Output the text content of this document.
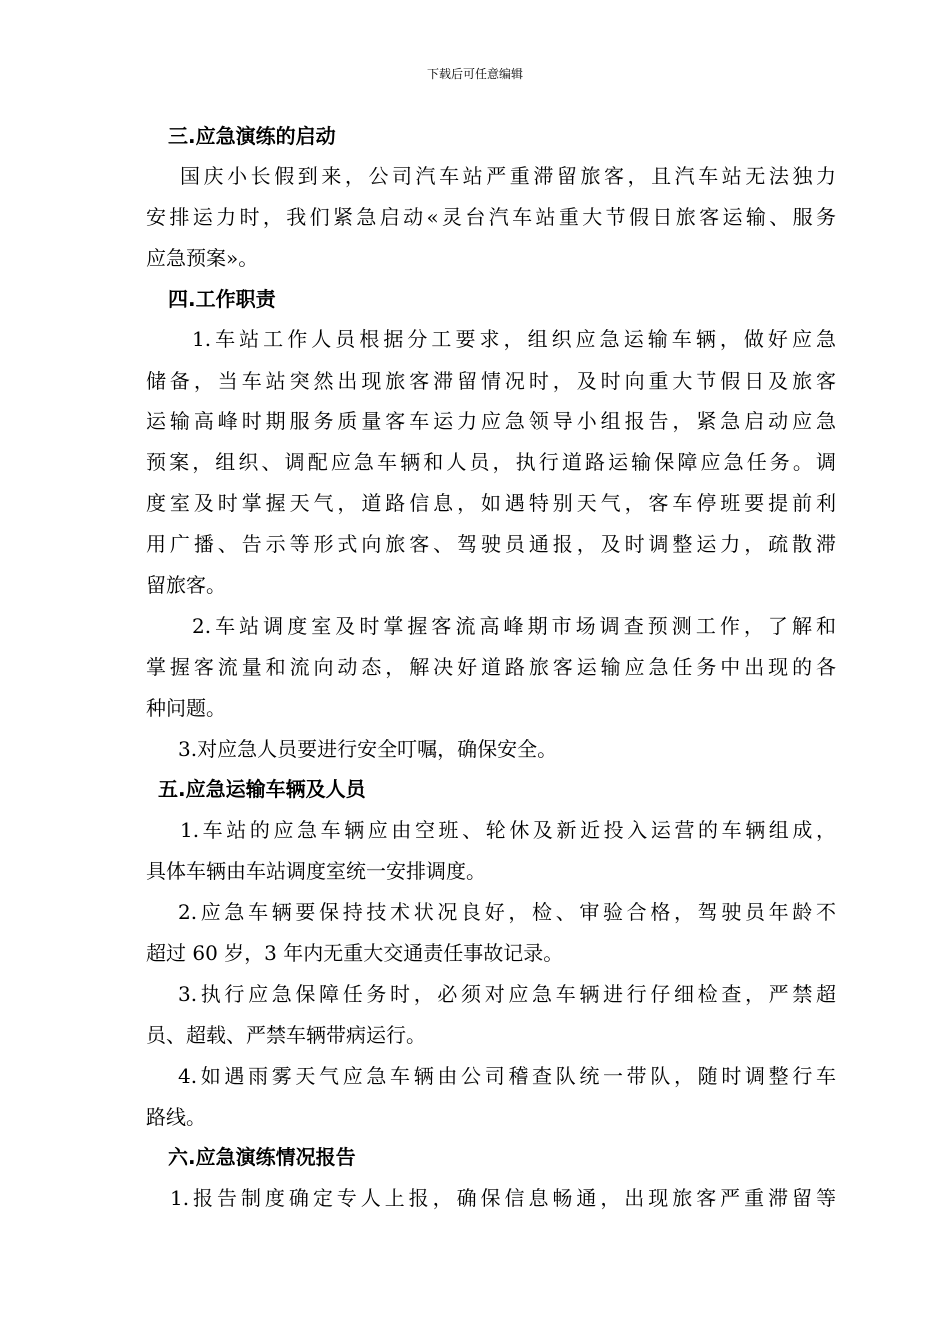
下载后可任意编辑
三.应急演练的启动
国庆小长假到来，公司汽车站严重滞留旅客，且汽车站无法独力
安排运力时，我们紧急启动«灵台汽车站重大节假日旅客运输、服务
应急预案»。
四.工作职责
1.车站工作人员根据分工要求，组织应急运输车辆，做好应急
储备，当车站突然出现旅客滞留情况时，及时向重大节假日及旅客
运输高峰时期服务质量客车运力应急领导小组报告，紧急启动应急
预案，组织、调配应急车辆和人员，执行道路运输保障应急任务。调
度室及时掌握天气，道路信息，如遇特别天气，客车停班要提前利
用广播、告示等形式向旅客、驾驶员通报，及时调整运力，疏散滞
留旅客。
2.车站调度室及时掌握客流高峰期市场调查预测工作，了解和
掌握客流量和流向动态，解决好道路旅客运输应急任务中出现的各
种问题。
3.对应急人员要进行安全叮嘱，确保安全。
五.应急运输车辆及人员
1.车站的应急车辆应由空班、轮休及新近投入运营的车辆组成，
具体车辆由车站调度室统一安排调度。
2.应急车辆要保持技术状况良好，检、审验合格，驾驶员年龄不
超过 60 岁，3 年内无重大交通责任事故记录。
3.执行应急保障任务时，必须对应急车辆进行仔细检查，严禁超
员、超载、严禁车辆带病运行。
4.如遇雨雾天气应急车辆由公司稽查队统一带队，随时调整行车
路线。
六.应急演练情况报告
1.报告制度确定专人上报，确保信息畅通，出现旅客严重滞留等
